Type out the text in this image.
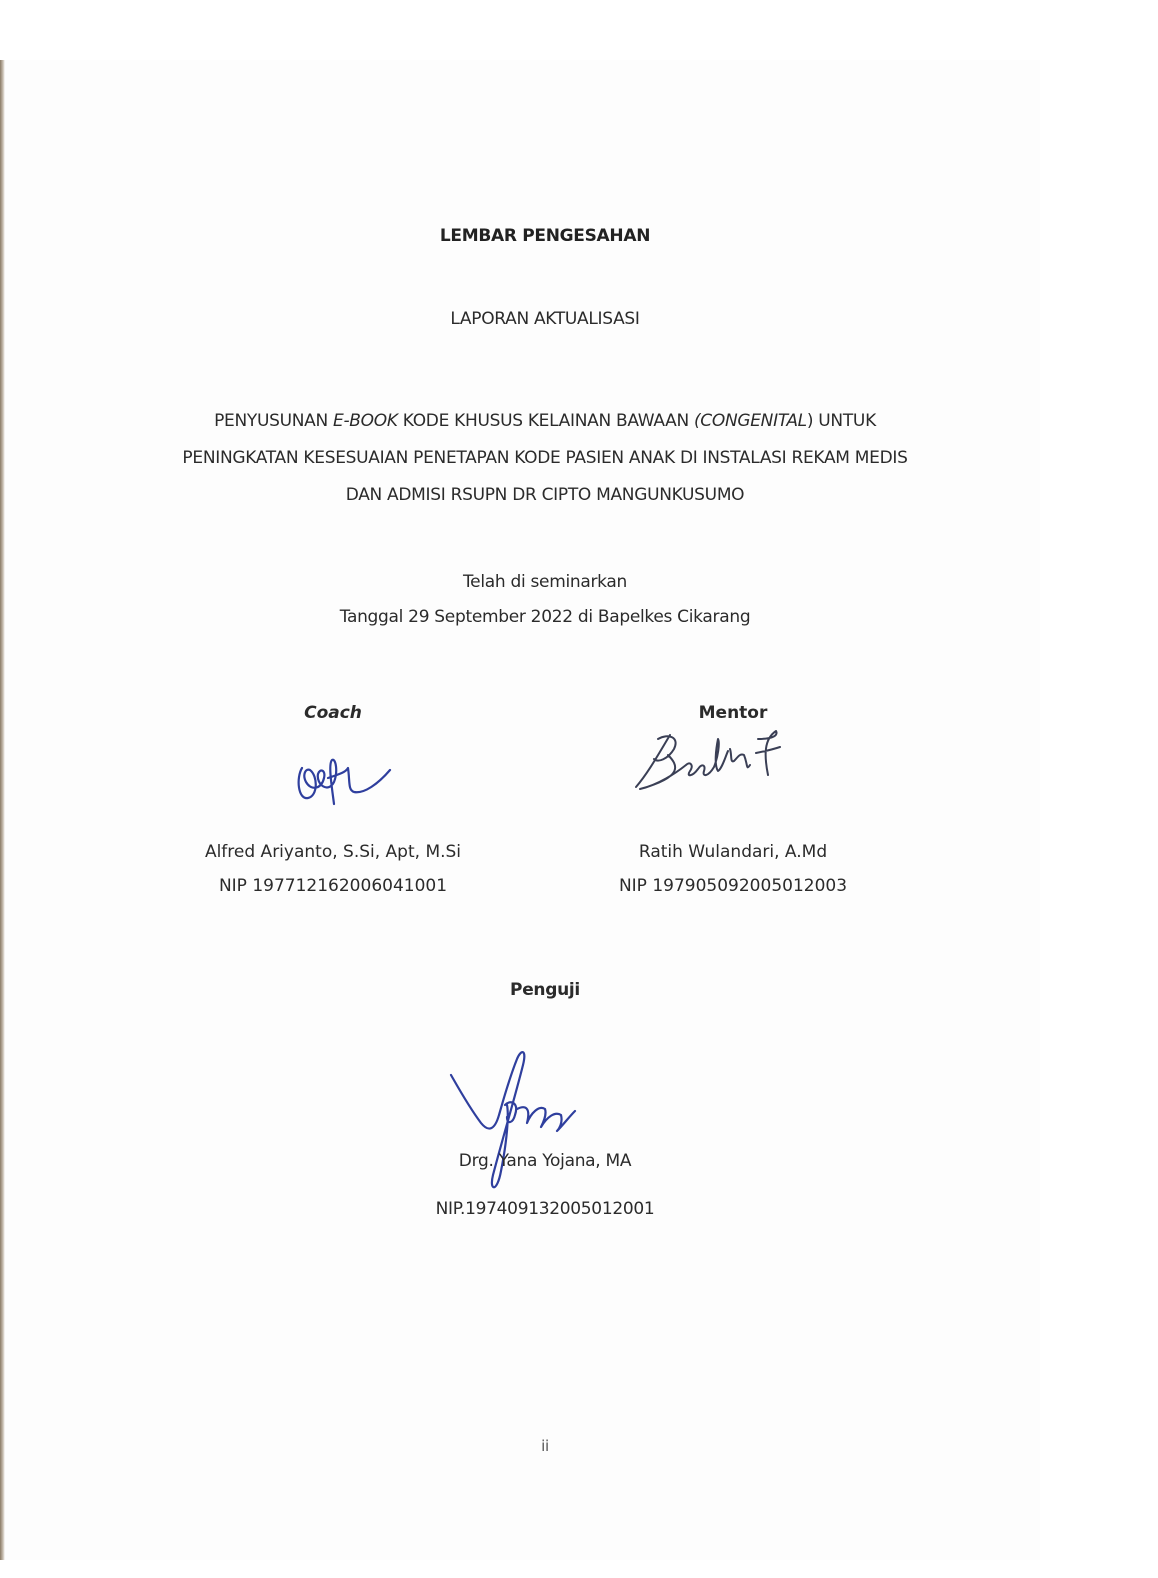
LEMBAR PENGESAHAN
LAPORAN AKTUALISASI
PENYUSUNAN E-BOOK KODE KHUSUS KELAINAN BAWAAN (CONGENITAL) UNTUK
PENINGKATAN KESESUAIAN PENETAPAN KODE PASIEN ANAK DI INSTALASI REKAM MEDIS
DAN ADMISI RSUPN DR CIPTO MANGUNKUSUMO
Telah di seminarkan
Tanggal 29 September 2022 di Bapelkes Cikarang
Coach
Alfred Ariyanto, S.Si, Apt, M.Si
NIP 197712162006041001
Mentor
Ratih Wulandari, A.Md
NIP 197905092005012003
Penguji
Drg. Yana Yojana, MA
NIP.197409132005012001
ii
